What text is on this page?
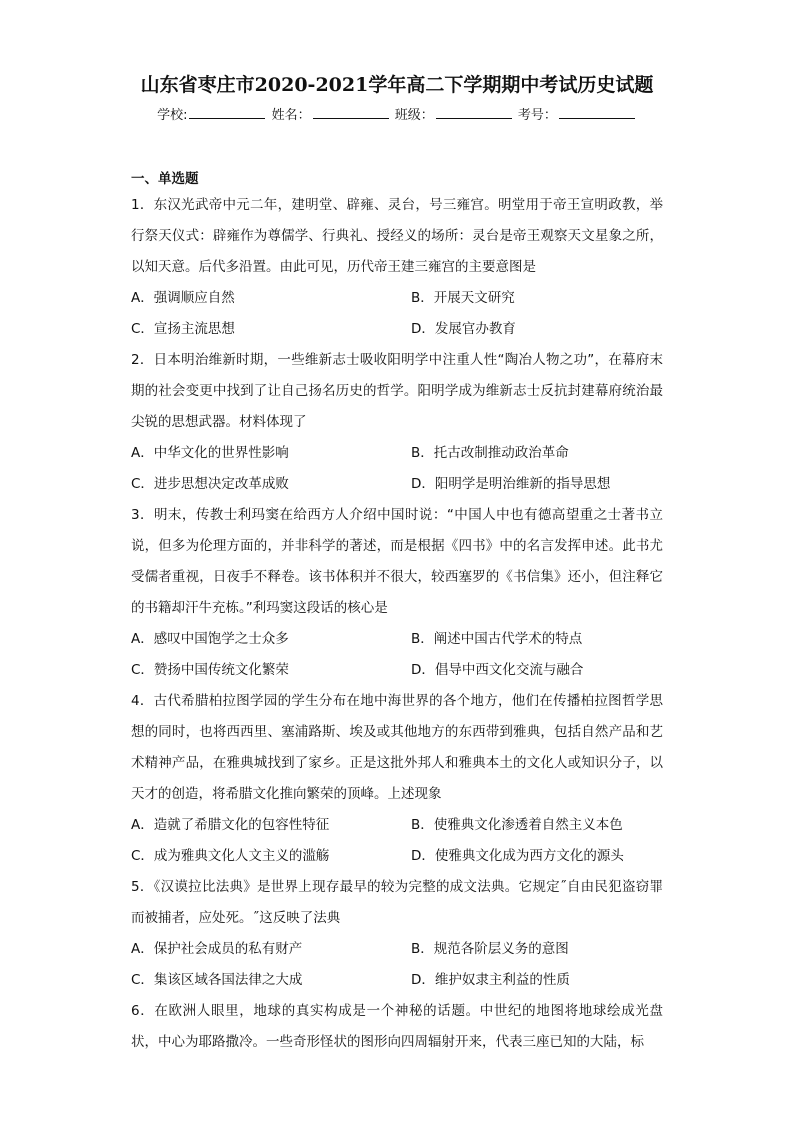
山东省枣庄市2020-2021学年高二下学期期中考试历史试题
学校:	姓名：	班级：	考号：
一、单选题

1．东汉光武帝中元二年，建明堂、辟雍、灵台，号三雍宫。明堂用于帝王宣明政教，举行祭天仪式：辟雍作为尊儒学、行典礼、授经义的场所：灵台是帝王观察天文星象之所，以知天意。后代多沿置。由此可见，历代帝王建三雍宫的主要意图是

A．强调顺应自然	B．开展天文研究
C．宣扬主流思想	D．发展官办教育

2．日本明治维新时期，一些维新志士吸收阳明学中注重人性“陶冶人物之功”，在幕府末期的社会变更中找到了让自己扬名历史的哲学。阳明学成为维新志士反抗封建幕府统治最尖锐的思想武器。材料体现了

A．中华文化的世界性影响	B．托古改制推动政治革命
C．进步思想决定改革成败	D．阳明学是明治维新的指导思想

3．明末，传教士利玛窦在给西方人介绍中国时说：“中国人中也有德高望重之士著书立说，但多为伦理方面的，并非科学的著述，而是根据《四书》中的名言发挥申述。此书尤受儒者重视，日夜手不释卷。该书体积并不很大，较西塞罗的《书信集》还小，但注释它的书籍却汗牛充栋。”利玛窦这段话的核心是

A．感叹中国饱学之士众多	B．阐述中国古代学术的特点
C．赞扬中国传统文化繁荣	D．倡导中西文化交流与融合

4．古代希腊柏拉图学园的学生分布在地中海世界的各个地方，他们在传播柏拉图哲学思想的同时，也将西西里、塞浦路斯、埃及或其他地方的东西带到雅典，包括自然产品和艺术精神产品，在雅典城找到了家乡。正是这批外邦人和雅典本土的文化人或知识分子，以天才的创造，将希腊文化推向繁荣的顶峰。上述现象

A．造就了希腊文化的包容性特征	B．使雅典文化渗透着自然主义本色
C．成为雅典文化人文主义的滥觞	D．使雅典文化成为西方文化的源头

5．《汉谟拉比法典》是世界上现存最早的较为完整的成文法典。它规定˝自由民犯盗窃罪而被捕者，应处死。˝这反映了法典

A．保护社会成员的私有财产	B．规范各阶层义务的意图
C．集该区域各国法律之大成	D．维护奴隶主利益的性质

6．在欧洲人眼里，地球的真实构成是一个神秘的话题。中世纪的地图将地球绘成光盘状，中心为耶路撒冷。一些奇形怪状的图形向四周辐射开来，代表三座已知的大陆，标
